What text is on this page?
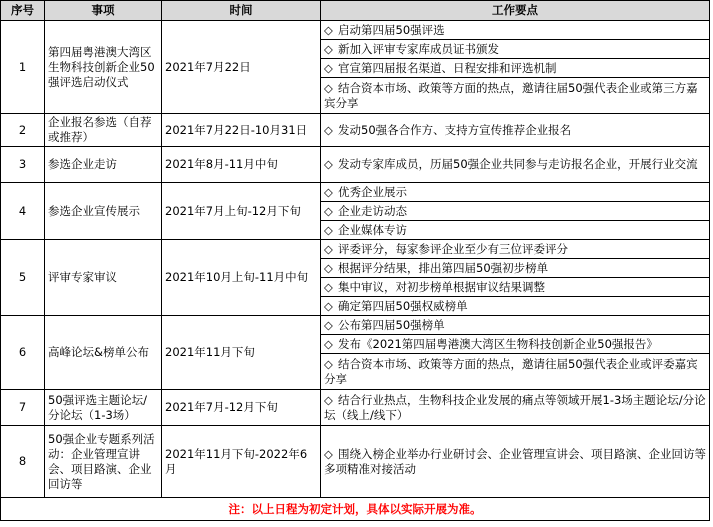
序号	事项	时间	工作要点
1	第四届粤港澳大湾区生物科技创新企业50强评选启动仪式	2021年7月22日	◇ 启动第四届50强评选
			◇ 新加入评审专家库成员证书颁发
			◇ 官宣第四届报名渠道、日程安排和评选机制
			◇ 结合资本市场、政策等方面的热点，邀请往届50强代表企业或第三方嘉宾分享
2	企业报名参选（自荐或推荐）	2021年7月22日-10月31日	◇ 发动50强各合作方、支持方宣传推荐企业报名
3	参选企业走访	2021年8月-11月中旬	◇ 发动专家库成员，历届50强企业共同参与走访报名企业，开展行业交流
4	参选企业宣传展示	2021年7月上旬-12月下旬	◇ 优秀企业展示
			◇ 企业走访动态
			◇ 企业媒体专访
5	评审专家审议	2021年10月上旬-11月中旬	◇ 评委评分，每家参评企业至少有三位评委评分
			◇ 根据评分结果，排出第四届50强初步榜单
			◇ 集中审议，对初步榜单根据审议结果调整
			◇ 确定第四届50强权威榜单
6	高峰论坛&榜单公布	2021年11月下旬	◇ 公布第四届50强榜单
			◇ 发布《2021第四届粤港澳大湾区生物科技创新企业50强报告》
			◇ 结合资本市场、政策等方面的热点，邀请往届50强代表企业或评委嘉宾分享
7	50强评选主题论坛/分论坛（1-3场）	2021年7月-12月下旬	◇ 结合行业热点，生物科技企业发展的痛点等领域开展1-3场主题论坛/分论坛（线上/线下）
8	50强企业专题系列活动：企业管理宣讲会、项目路演、企业回访等	2021年11月下旬-2022年6月	◇ 围绕入榜企业举办行业研讨会、企业管理宣讲会、项目路演、企业回访等多项精准对接活动
注：以上日程为初定计划，具体以实际开展为准。			
